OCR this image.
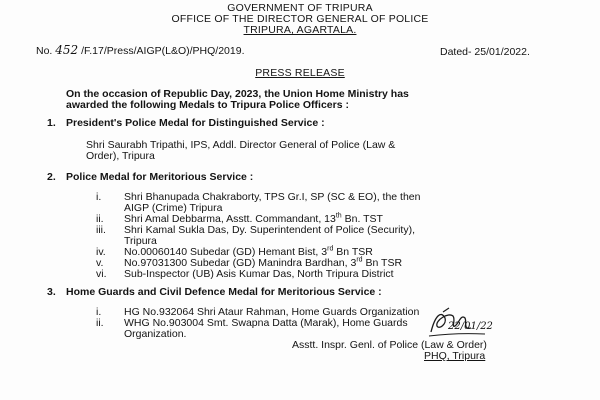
GOVERNMENT OF TRIPURA
OFFICE OF THE DIRECTOR GENERAL OF POLICE
TRIPURA, AGARTALA.
No. 452 /F.17/Press/AIGP(L&O)/PHQ/2019.	Dated- 25/01/2022.
PRESS RELEASE
On the occasion of Republic Day, 2023, the Union Home Ministry has
awarded the following Medals to Tripura Police Officers :
1. President's Police Medal for Distinguished Service :
Shri Saurabh Tripathi, IPS, Addl. Director General of Police (Law &
Order), Tripura
2. Police Medal for Meritorious Service :
i. Shri Bhanupada Chakraborty, TPS Gr.I, SP (SC & EO), the then
AIGP (Crime) Tripura
ii. Shri Amal Debbarma, Asstt. Commandant, 13th Bn. TST
iii. Shri Kamal Sukla Das, Dy. Superintendent of Police (Security),
Tripura
iv. No.00060140 Subedar (GD) Hemant Bist, 3rd Bn TSR
v. No.97031300 Subedar (GD) Manindra Bardhan, 3rd Bn TSR
vi. Sub-Inspector (UB) Asis Kumar Das, North Tripura District
3. Home Guards and Civil Defence Medal for Meritorious Service :
i. HG No.932064 Shri Ataur Rahman, Home Guards Organization
ii. WHG No.903004 Smt. Swapna Datta (Marak), Home Guards
Organization.
22/01/22
Asstt. Inspr. Genl. of Police (Law & Order)
PHQ, Tripura
